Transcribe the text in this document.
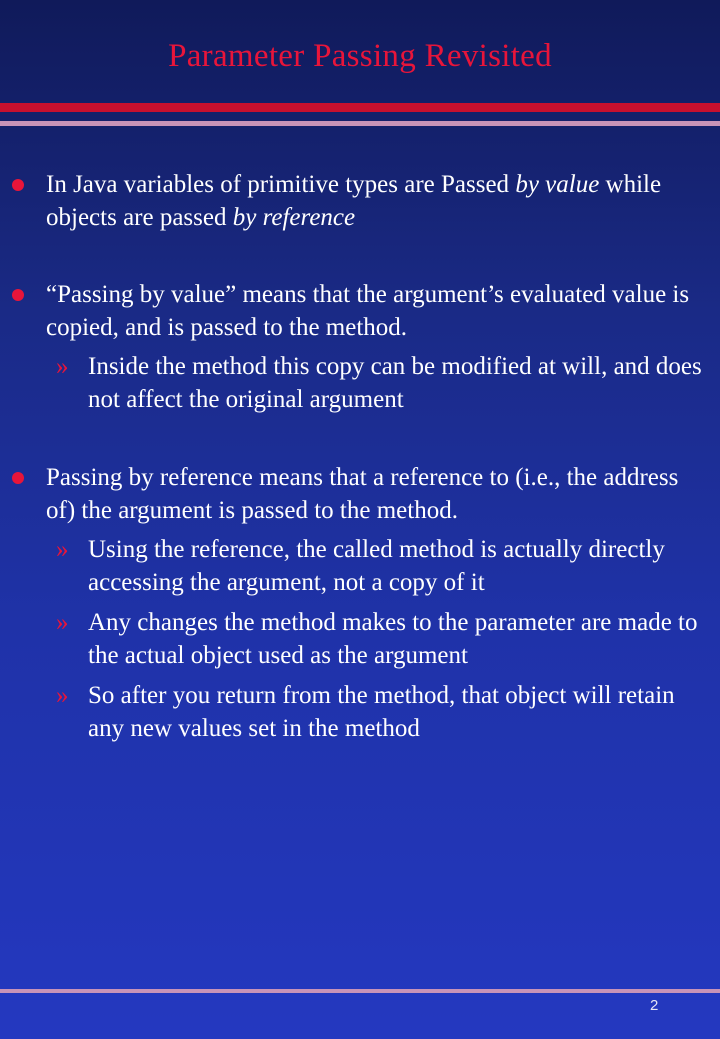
Parameter Passing Revisited
In Java variables of primitive types are Passed by value while objects are passed by reference
“Passing by value” means that the argument’s evaluated value is copied, and is passed to the method.
» Inside the method this copy can be modified at will, and does not affect the original argument
Passing by reference means that a reference to (i.e., the address of) the argument is passed to the method.
» Using the reference, the called method is actually directly accessing the argument, not a copy of it
» Any changes the method makes to the parameter are made to the actual object used as the argument
» So after you return from the method, that object will retain any new values set in the method
2
